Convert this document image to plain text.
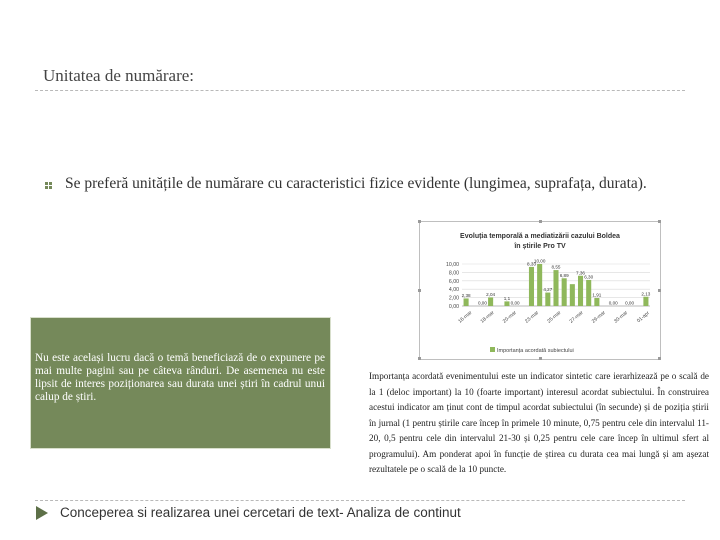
Unitatea de numărare:
Se preferă unitățile de numărare cu caracteristici fizice evidente (lungimea, suprafața, durata).
Nu este același lucru dacă o temă beneficiază de o expunere pe mai multe pagini sau pe câteva rânduri. De asemenea nu este lipsit de interes poziționarea sau durata unei știri în cadrul unui calup de știri.
Evoluția temporală a mediatizării cazului Boldea
în știrile Pro TV
0,00
2,00
4,00
6,00
8,00
10,00
2,38
0,00
2,04
1,1
0,00
8,33
10,00
4,27
8,55
6,89
7,36
6,30
1,91
0,00 0,00
2,13
16-mar 18-mar 20-mar 23-mar 25-mar 27-mar 29-mar 30-mar 01-apr
Importanța acordată subiectului
Importanța acordată evenimentului este un indicator sintetic care ierarhizează pe o scală de la 1 (deloc important) la 10 (foarte important) interesul acordat subiectului. În construirea acestui indicator am ținut cont de timpul acordat subiectului (în secunde) și de poziția știrii în jurnal (1 pentru știrile care încep în primele 10 minute, 0,75 pentru cele din intervalul 11-20, 0,5 pentru cele din intervalul 21-30 și 0,25 pentru cele care încep în ultimul sfert al programului). Am ponderat apoi în funcție de știrea cu durata cea mai lungă și am așezat rezultatele pe o scală de la 10 puncte.
Conceperea si realizarea unei cercetari de text- Analiza de continut
